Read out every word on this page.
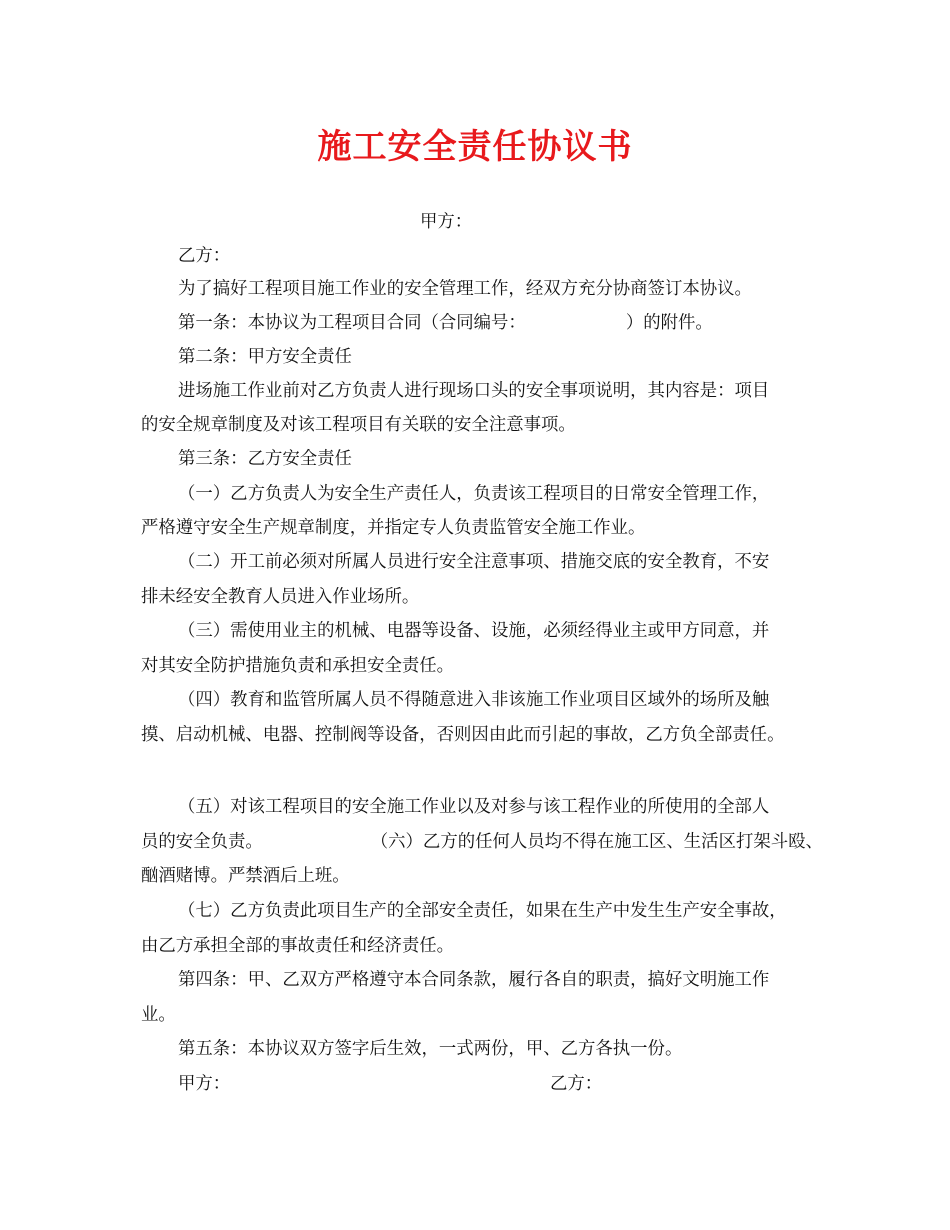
施工安全责任协议书
甲方：
乙方：
为了搞好工程项目施工作业的安全管理工作，经双方充分协商签订本协议。
第一条：本协议为工程项目合同（合同编号：	）的附件。
第二条：甲方安全责任
进场施工作业前对乙方负责人进行现场口头的安全事项说明，其内容是：项目
的安全规章制度及对该工程项目有关联的安全注意事项。
第三条：乙方安全责任
（一）乙方负责人为安全生产责任人，负责该工程项目的日常安全管理工作，
严格遵守安全生产规章制度，并指定专人负责监管安全施工作业。
（二）开工前必须对所属人员进行安全注意事项、措施交底的安全教育，不安
排未经安全教育人员进入作业场所。
（三）需使用业主的机械、电器等设备、设施，必须经得业主或甲方同意，并
对其安全防护措施负责和承担安全责任。
（四）教育和监管所属人员不得随意进入非该施工作业项目区域外的场所及触
摸、启动机械、电器、控制阀等设备，否则因由此而引起的事故，乙方负全部责任。
（五）对该工程项目的安全施工作业以及对参与该工程作业的所使用的全部人
员的安全负责。	（六）乙方的任何人员均不得在施工区、生活区打架斗殴、
酗酒赌博。严禁酒后上班。
（七）乙方负责此项目生产的全部安全责任，如果在生产中发生生产安全事故，
由乙方承担全部的事故责任和经济责任。
第四条：甲、乙双方严格遵守本合同条款，履行各自的职责，搞好文明施工作
业。
第五条：本协议双方签字后生效，一式两份，甲、乙方各执一份。
甲方：	乙方：
